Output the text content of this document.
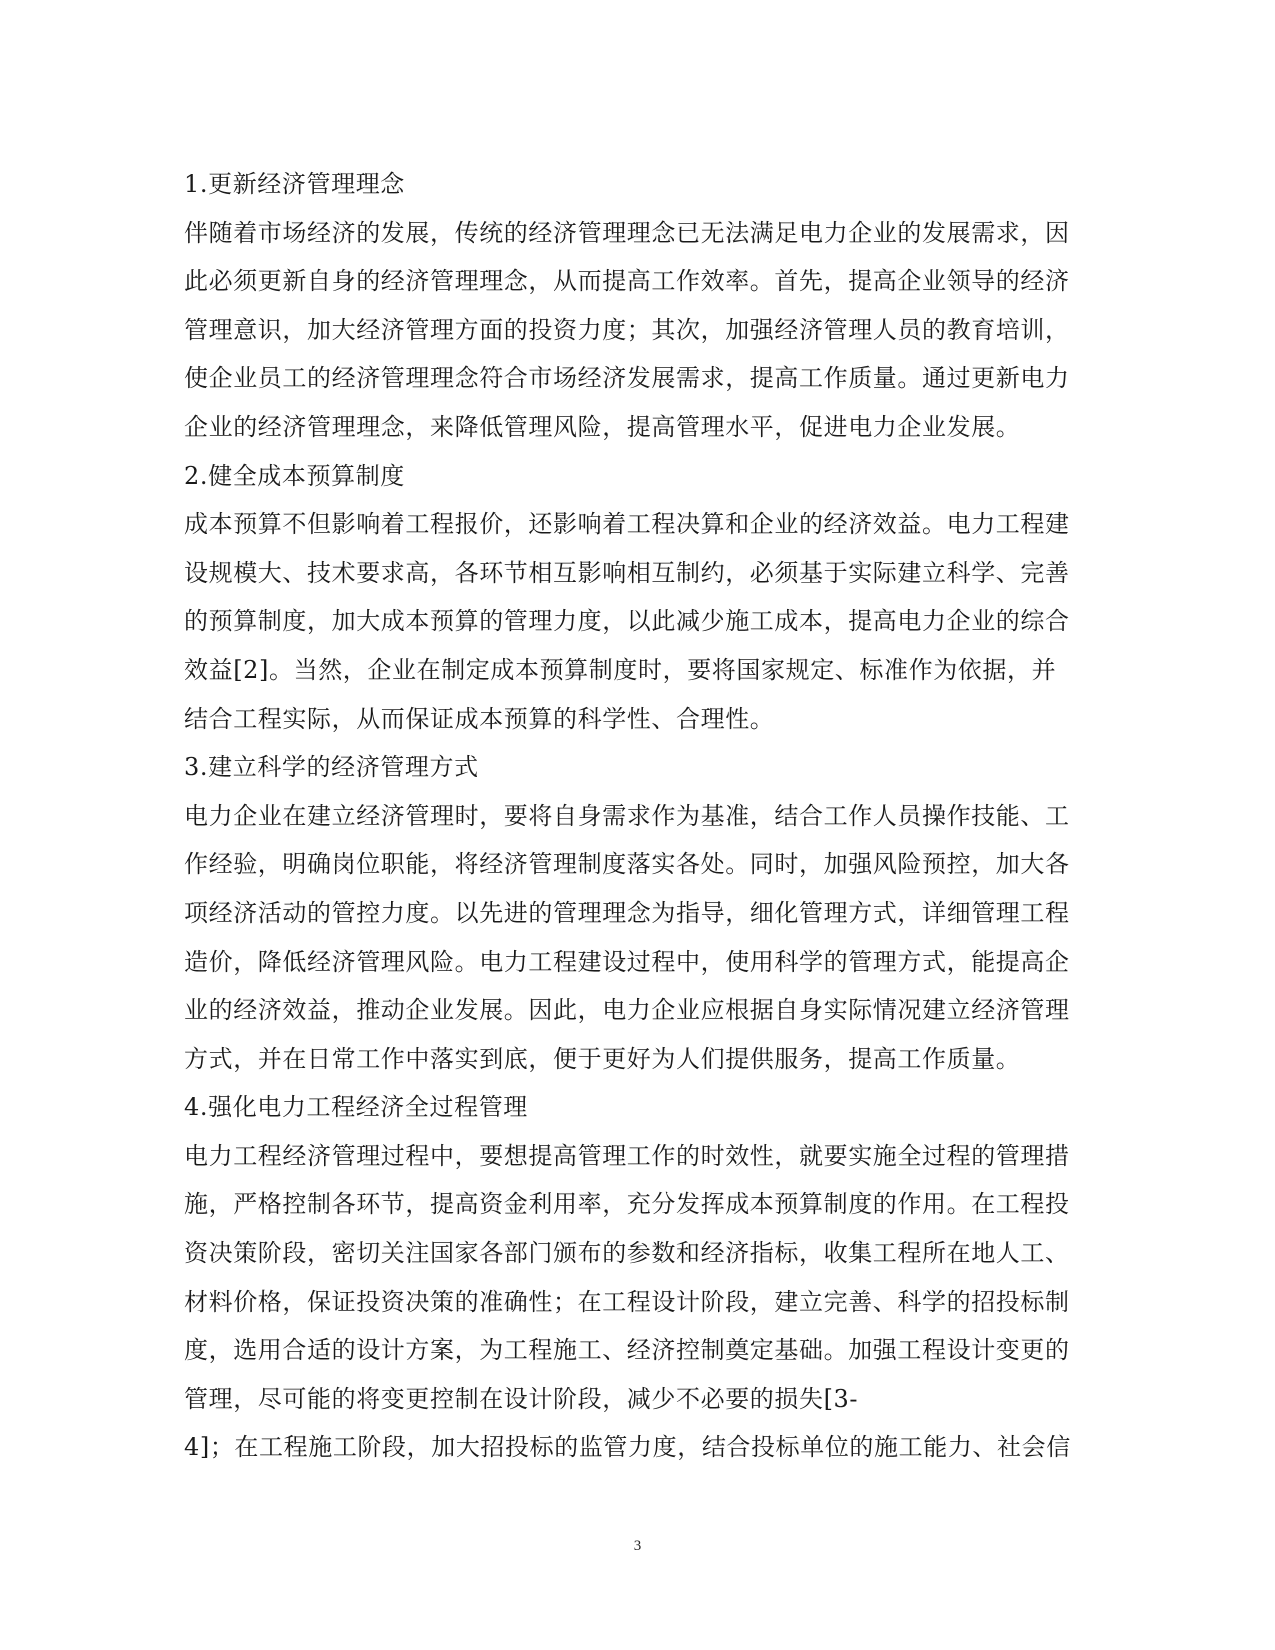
1.更新经济管理理念
伴随着市场经济的发展，传统的经济管理理念已无法满足电力企业的发展需求，因
此必须更新自身的经济管理理念，从而提高工作效率。首先，提高企业领导的经济
管理意识，加大经济管理方面的投资力度；其次，加强经济管理人员的教育培训，
使企业员工的经济管理理念符合市场经济发展需求，提高工作质量。通过更新电力
企业的经济管理理念，来降低管理风险，提高管理水平，促进电力企业发展。
2.健全成本预算制度
成本预算不但影响着工程报价，还影响着工程决算和企业的经济效益。电力工程建
设规模大、技术要求高，各环节相互影响相互制约，必须基于实际建立科学、完善
的预算制度，加大成本预算的管理力度，以此减少施工成本，提高电力企业的综合
效益[2]。当然，企业在制定成本预算制度时，要将国家规定、标准作为依据，并
结合工程实际，从而保证成本预算的科学性、合理性。
3.建立科学的经济管理方式
电力企业在建立经济管理时，要将自身需求作为基准，结合工作人员操作技能、工
作经验，明确岗位职能，将经济管理制度落实各处。同时，加强风险预控，加大各
项经济活动的管控力度。以先进的管理理念为指导，细化管理方式，详细管理工程
造价，降低经济管理风险。电力工程建设过程中，使用科学的管理方式，能提高企
业的经济效益，推动企业发展。因此，电力企业应根据自身实际情况建立经济管理
方式，并在日常工作中落实到底，便于更好为人们提供服务，提高工作质量。
4.强化电力工程经济全过程管理
电力工程经济管理过程中，要想提高管理工作的时效性，就要实施全过程的管理措
施，严格控制各环节，提高资金利用率，充分发挥成本预算制度的作用。在工程投
资决策阶段，密切关注国家各部门颁布的参数和经济指标，收集工程所在地人工、
材料价格，保证投资决策的准确性；在工程设计阶段，建立完善、科学的招投标制
度，选用合适的设计方案，为工程施工、经济控制奠定基础。加强工程设计变更的
管理，尽可能的将变更控制在设计阶段，减少不必要的损失[3-
4]；在工程施工阶段，加大招投标的监管力度，结合投标单位的施工能力、社会信
3
